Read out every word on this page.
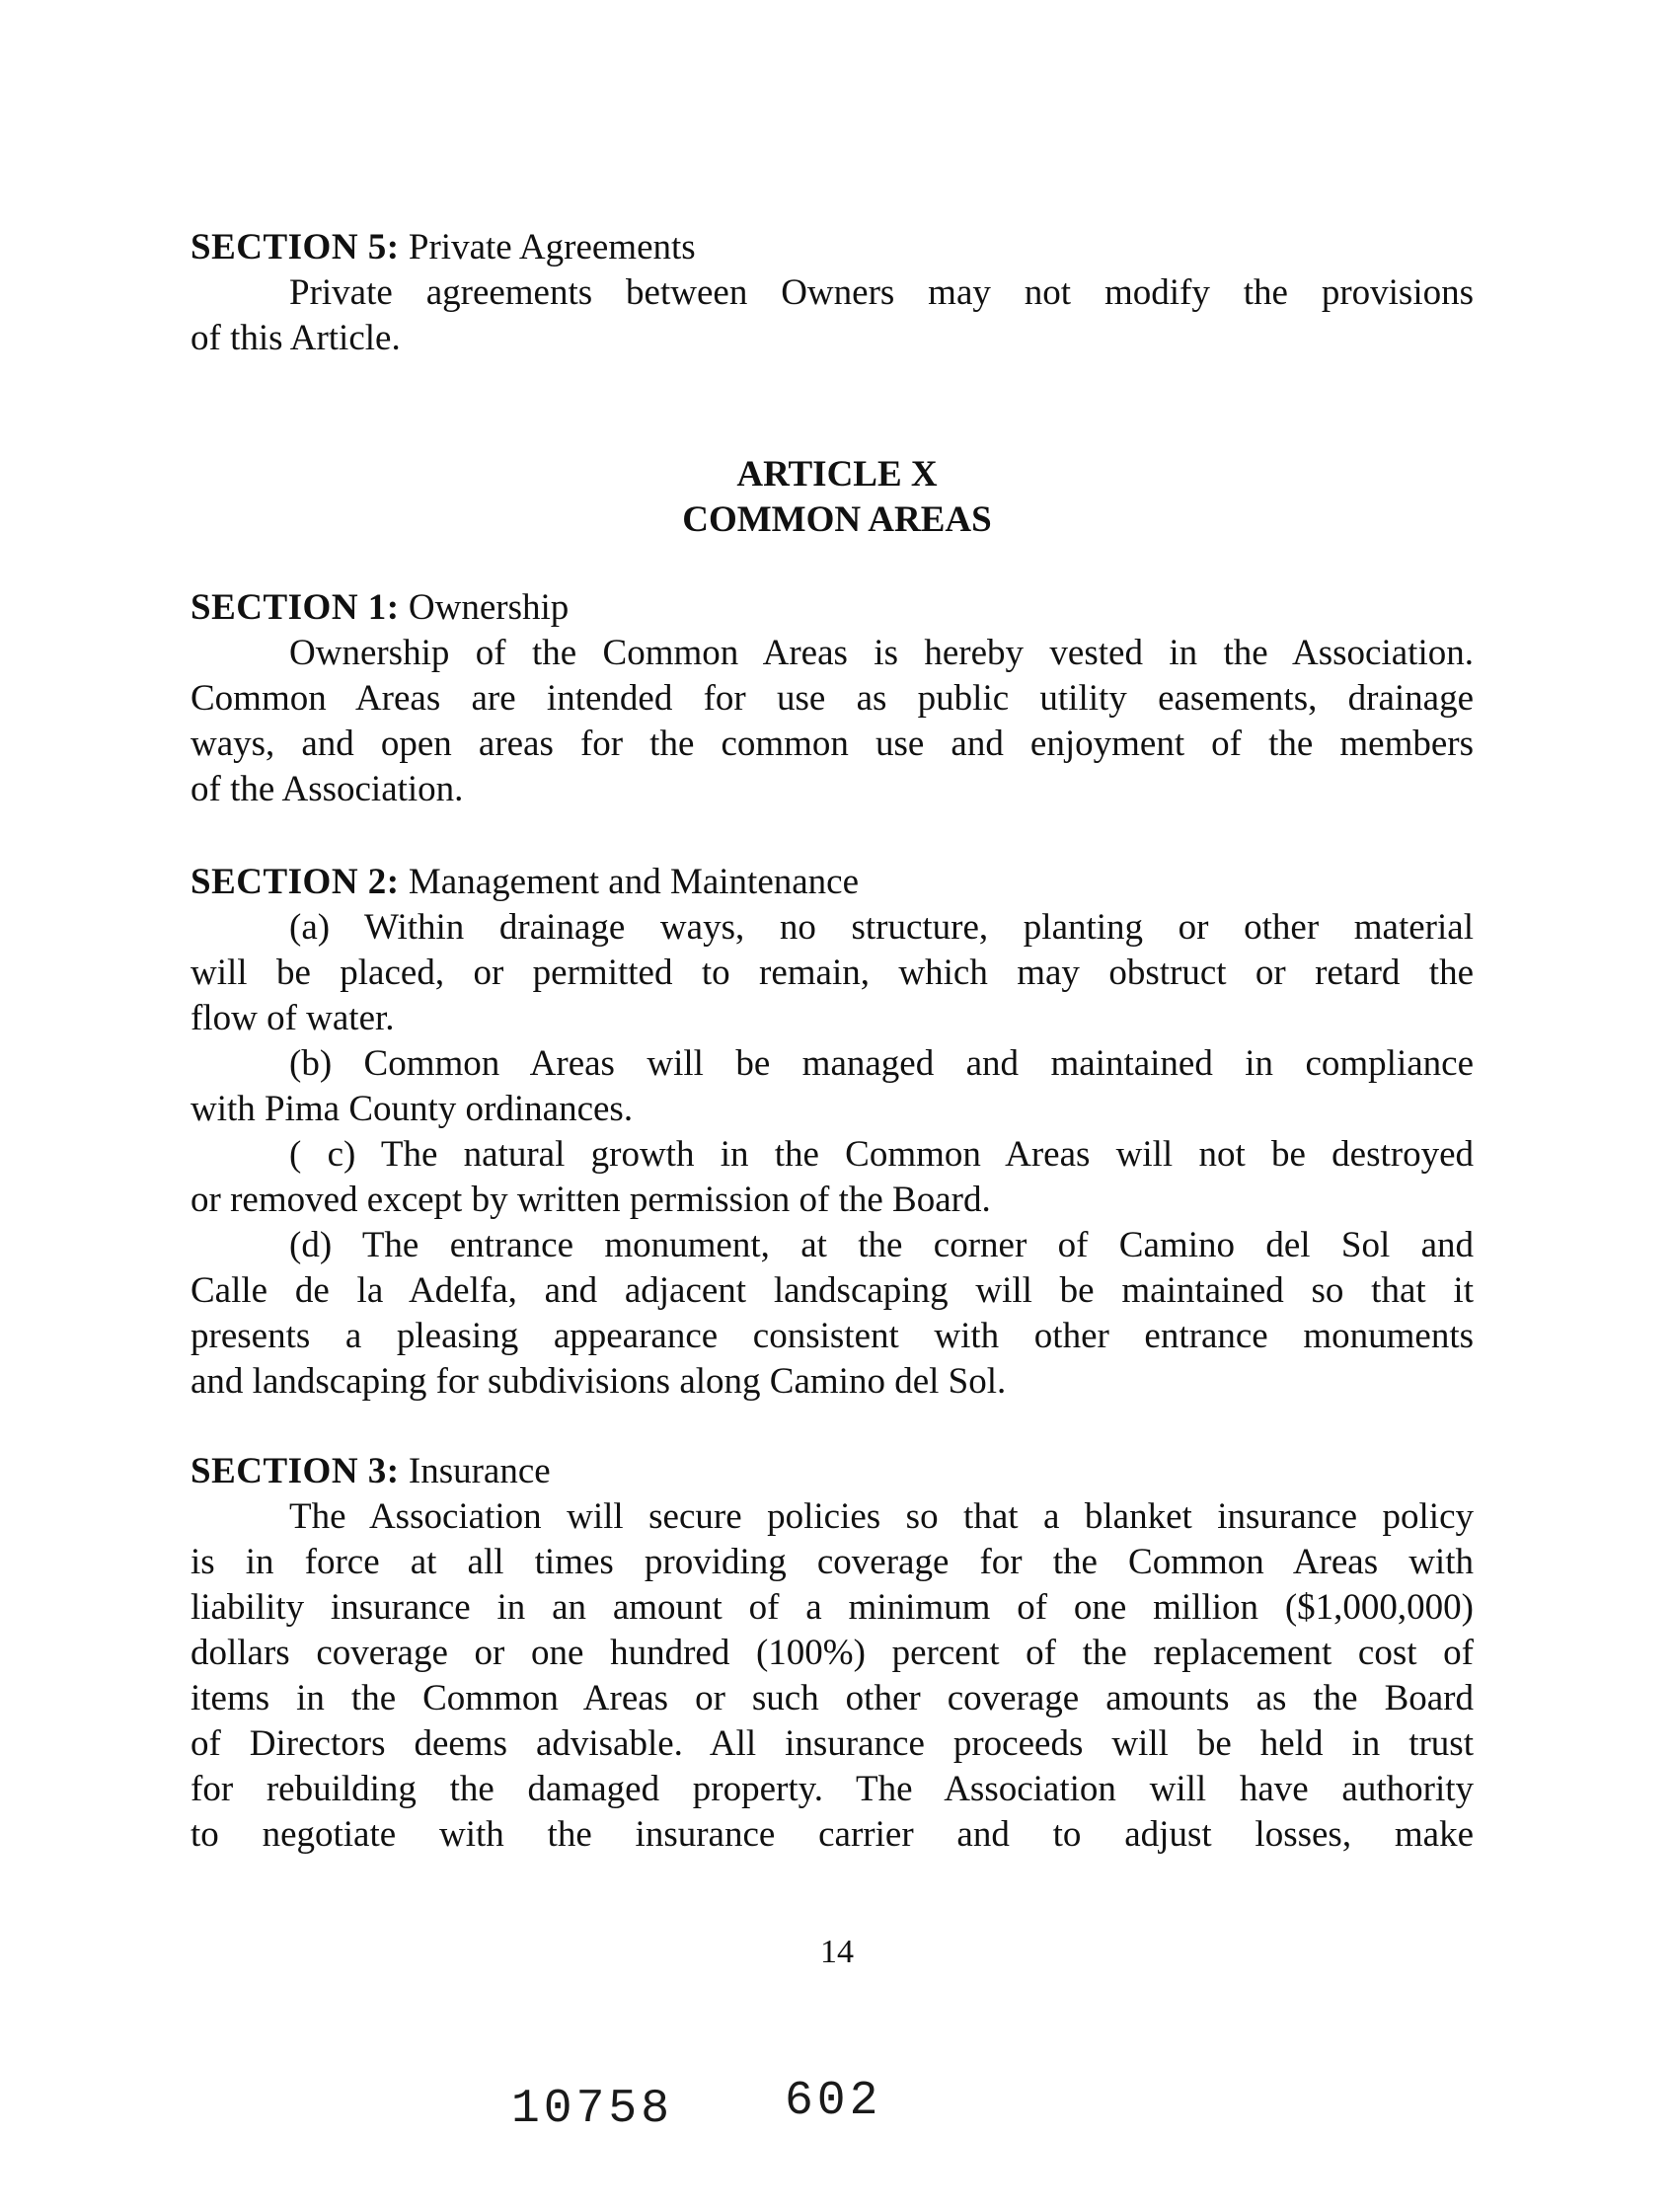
SECTION 5: Private Agreements
Private agreements between Owners may not modify the provisions
of this Article.
ARTICLE X
COMMON AREAS
SECTION 1: Ownership
Ownership of the Common Areas is hereby vested in the Association.
Common Areas are intended for use as public utility easements, drainage
ways, and open areas for the common use and enjoyment of the members
of the Association.
SECTION 2: Management and Maintenance
(a) Within drainage ways, no structure, planting or other material
will be placed, or permitted to remain, which may obstruct or retard the
flow of water.
(b) Common Areas will be managed and maintained in compliance
with Pima County ordinances.
( c) The natural growth in the Common Areas will not be destroyed
or removed except by written permission of the Board.
(d) The entrance monument, at the corner of Camino del Sol and
Calle de la Adelfa, and adjacent landscaping will be maintained so that it
presents a pleasing appearance consistent with other entrance monuments
and landscaping for subdivisions along Camino del Sol.
SECTION 3: Insurance
The Association will secure policies so that a blanket insurance policy
is in force at all times providing coverage for the Common Areas with
liability insurance in an amount of a minimum of one million ($1,000,000)
dollars coverage or one hundred (100%) percent of the replacement cost of
items in the Common Areas or such other coverage amounts as the Board
of Directors deems advisable. All insurance proceeds will be held in trust
for rebuilding the damaged property. The Association will have authority
to negotiate with the insurance carrier and to adjust losses, make
14
10758 602
